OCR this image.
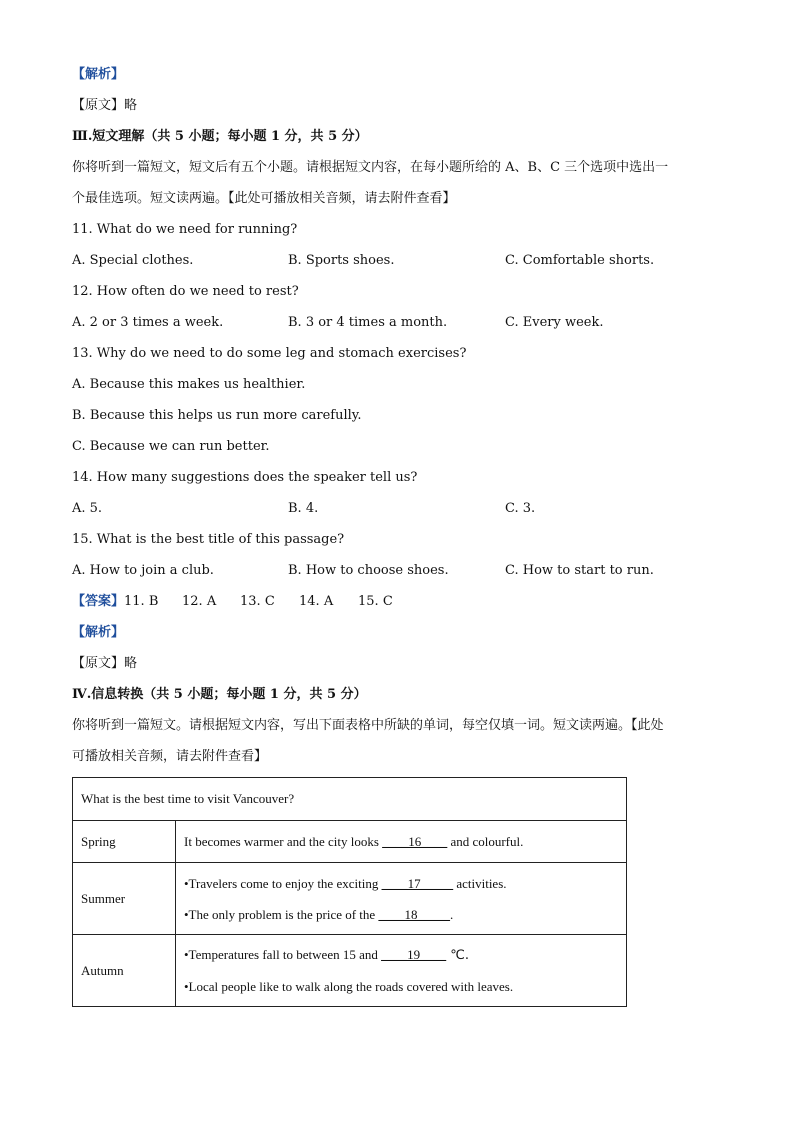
【解析】
【原文】略
Ⅲ.短文理解（共 5 小题；每小题 1 分，共 5 分）
你将听到一篇短文，短文后有五个小题。请根据短文内容，在每小题所给的 A、B、C 三个选项中选出一
个最佳选项。短文读两遍。【此处可播放相关音频，请去附件查看】
11. What do we need for running?
A. Special clothes.	B. Sports shoes.	C. Comfortable shorts.
12. How often do we need to rest?
A. 2 or 3 times a week.	B. 3 or 4 times a month.	C. Every week.
13. Why do we need to do some leg and stomach exercises?
A. Because this makes us healthier.
B. Because this helps us run more carefully.
C. Because we can run better.
14. How many suggestions does the speaker tell us?
A. 5.	B. 4.	C. 3.
15. What is the best title of this passage?
A. How to join a club.	B. How to choose shoes.	C. How to start to run.
【答案】11. B 12. A 13. C 14. A 15. C
【解析】
【原文】略
Ⅳ.信息转换（共 5 小题；每小题 1 分，共 5 分）
你将听到一篇短文。请根据短文内容，写出下面表格中所缺的单词，每空仅填一词。短文读两遍。【此处
可播放相关音频，请去附件查看】
What is the best time to visit Vancouver?	
Spring	It becomes warmer and the city looks ____16____ and colourful.
Summer	•Travelers come to enjoy the exciting ____17_____ activities.
•The only problem is the price of the ____18_____.

Autumn	•Temperatures fall to between 15 and ____19____ ℃.
•Local people like to walk along the roads covered with leaves.
